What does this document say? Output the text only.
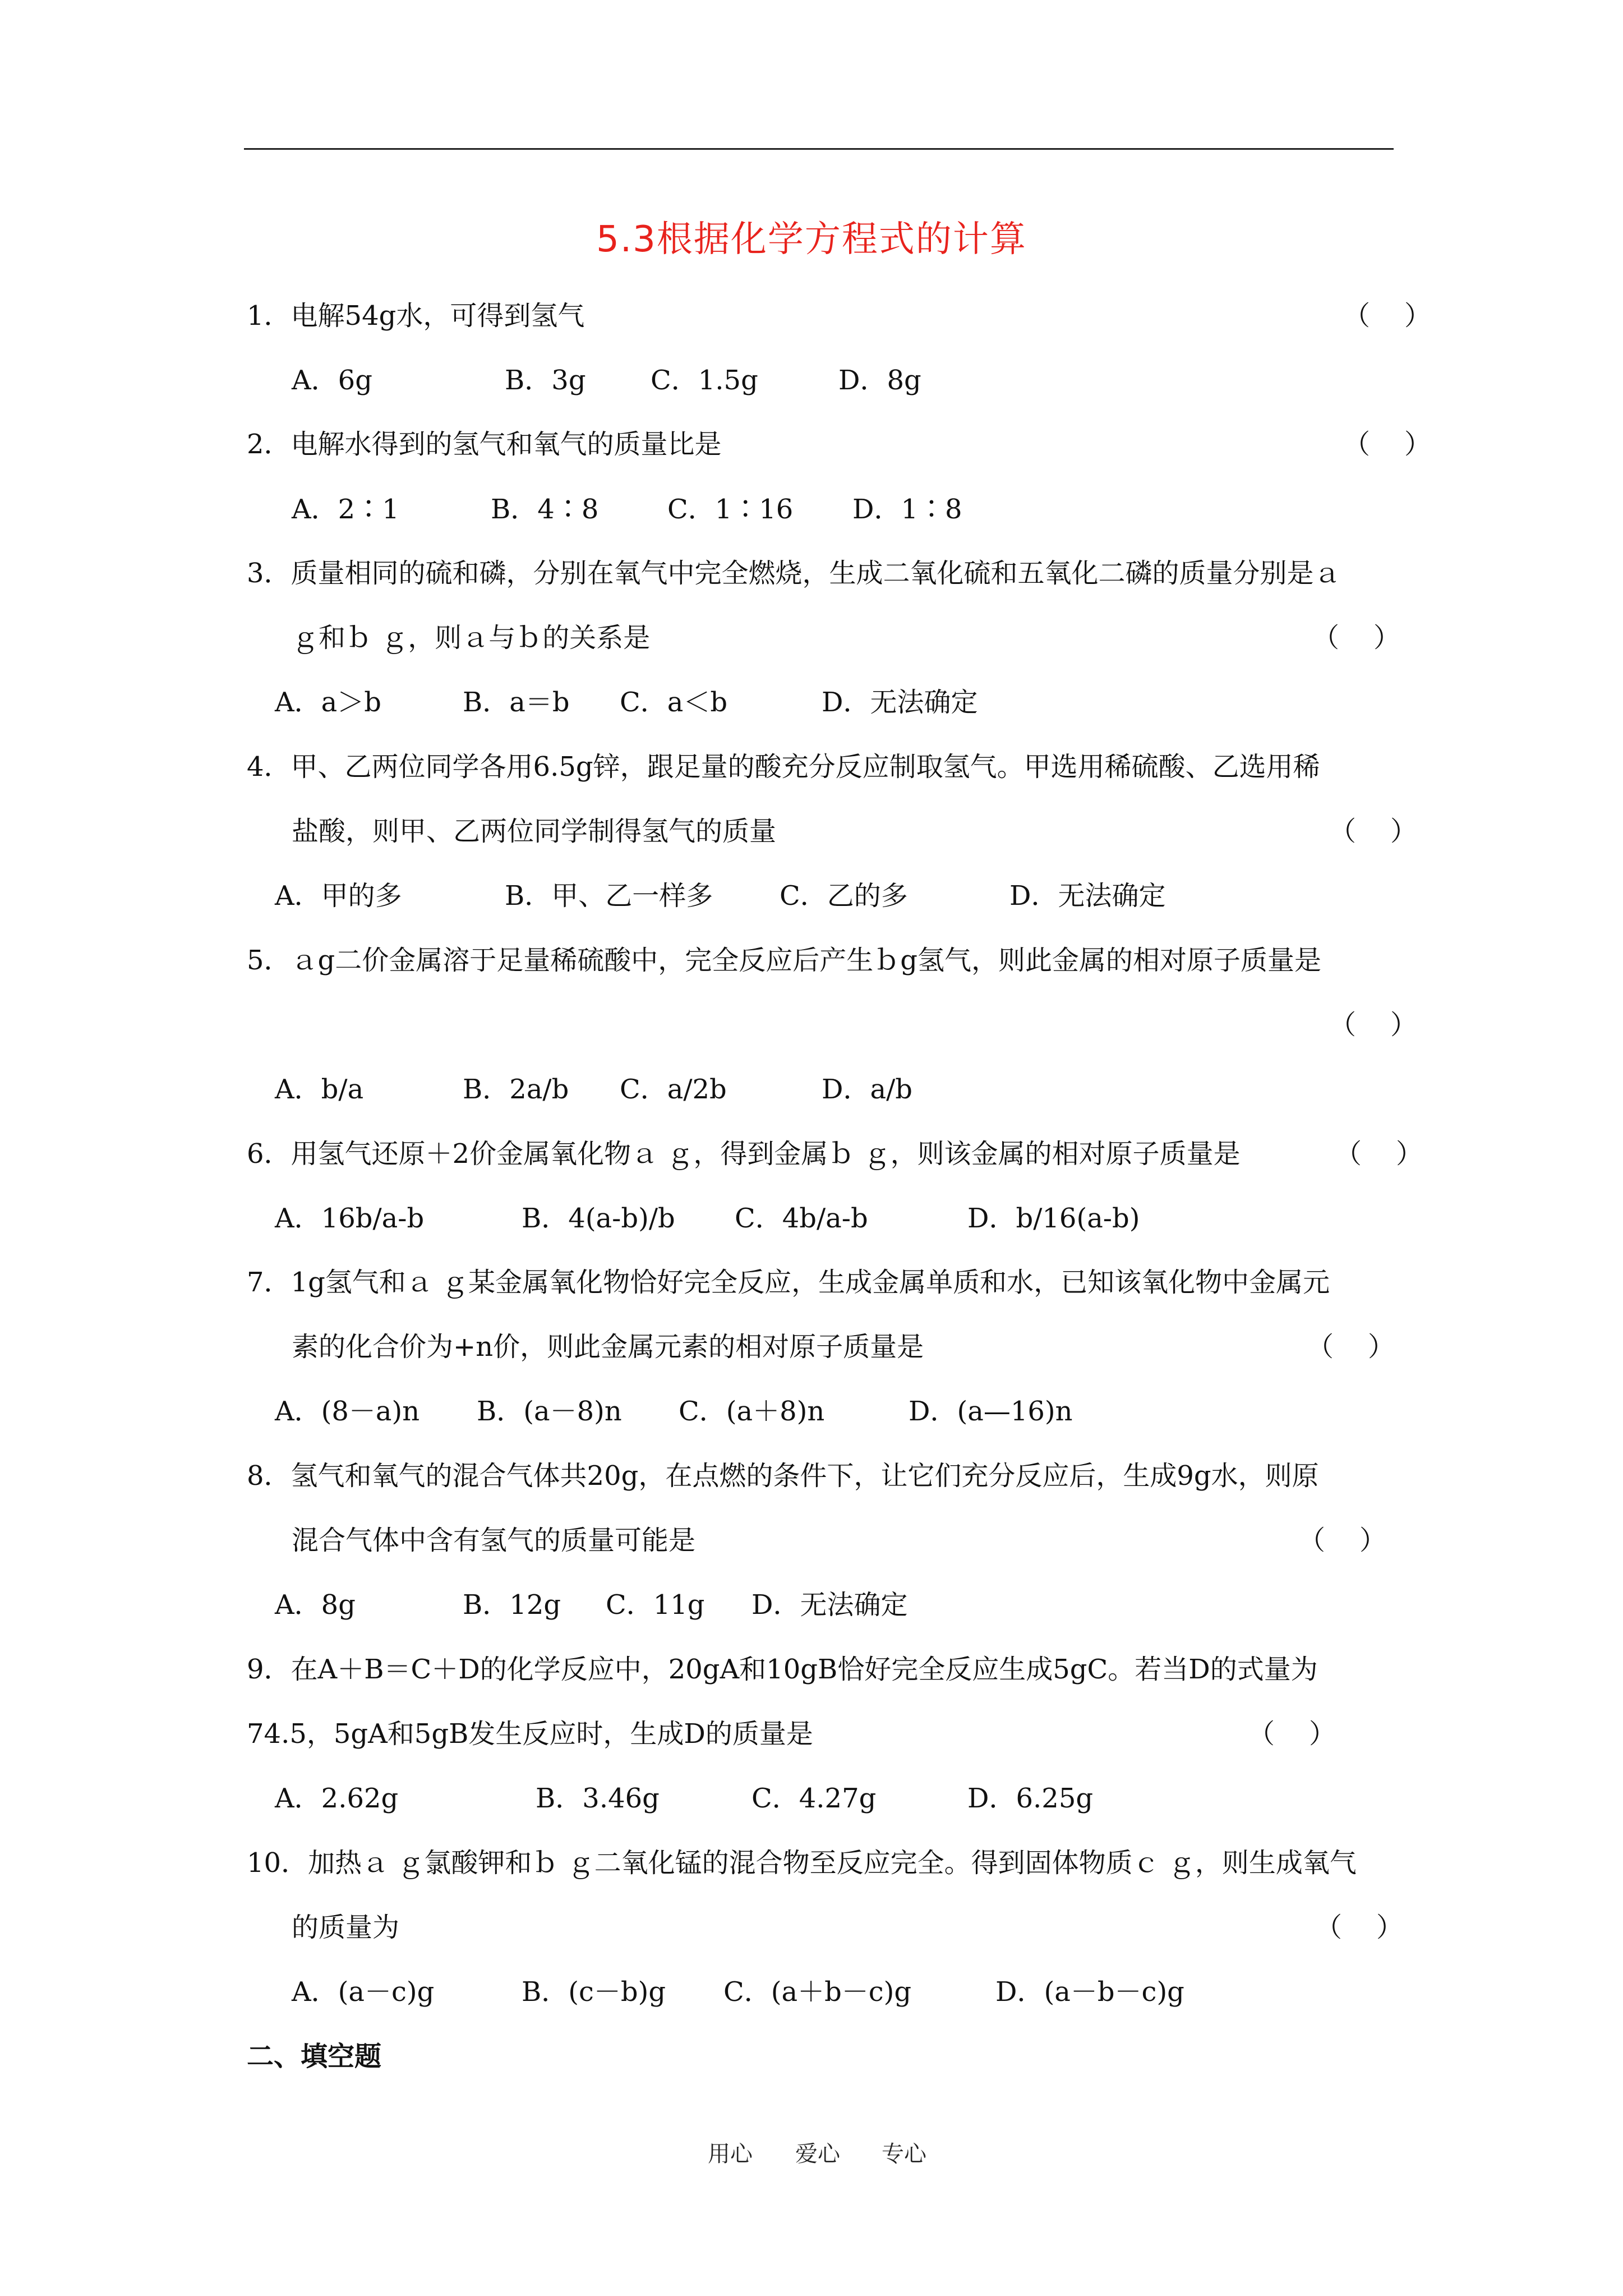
5.3根据化学方程式的计算
1．电解54g水，可得到氢气	（    ）
A．6g	B．3g C．1.5g	D．8g
2．电解水得到的氢气和氧气的质量比是	（    ）
A．2∶1	B．4∶8	C．1∶16 D．1∶8
3．质量相同的硫和磷，分别在氧气中完全燃烧，生成二氧化硫和五氧化二磷的质量分别是ａ
ｇ和ｂ ｇ，则ａ与ｂ的关系是	（    ）
A．a＞b	B．a＝b C．a＜b	D．无法确定
4．甲、乙两位同学各用6.5g锌，跟足量的酸充分反应制取氢气。甲选用稀硫酸、乙选用稀
盐酸，则甲、乙两位同学制得氢气的质量	（    ）
A．甲的多	B．甲、乙一样多 C．乙的多	D．无法确定
5．ａg二价金属溶于足量稀硫酸中，完全反应后产生ｂg氢气，则此金属的相对原子质量是
（    ）
A．b/a	B．2a/b C．a/2b	D．a/b
6．用氢气还原＋2价金属氧化物ａ ｇ，得到金属ｂ ｇ，则该金属的相对原子质量是	（    ）
A．16b/a-b	B．4(a-b)/b C．4b/a-b	D．b/16(a-b)
7．1g氢气和ａ ｇ某金属氧化物恰好完全反应，生成金属单质和水，已知该氧化物中金属元
素的化合价为+n价，则此金属元素的相对原子质量是	（    ）
A．(8－a)n B．(a－8)n C．(a＋8)n	D．(a—16)n
8．氢气和氧气的混合气体共20g，在点燃的条件下，让它们充分反应后，生成9g水，则原
混合气体中含有氢气的质量可能是	（    ）
A．8g	B．12g C．11g D．无法确定
9．在A＋B＝C＋D的化学反应中，20gA和10gB恰好完全反应生成5gC。若当D的式量为
74.5，5gA和5gB发生反应时，生成D的质量是	（    ）
A．2.62g	B．3.46g	C．4.27g	D．6.25g
10．加热ａ ｇ氯酸钾和ｂ ｇ二氧化锰的混合物至反应完全。得到固体物质ｃ ｇ，则生成氧气
的质量为	（    ）
A．(a－c)g	B．(c－b)g C．(a＋b－c)g	D．(a－b－c)g
二、填空题
用心 爱心 专心
